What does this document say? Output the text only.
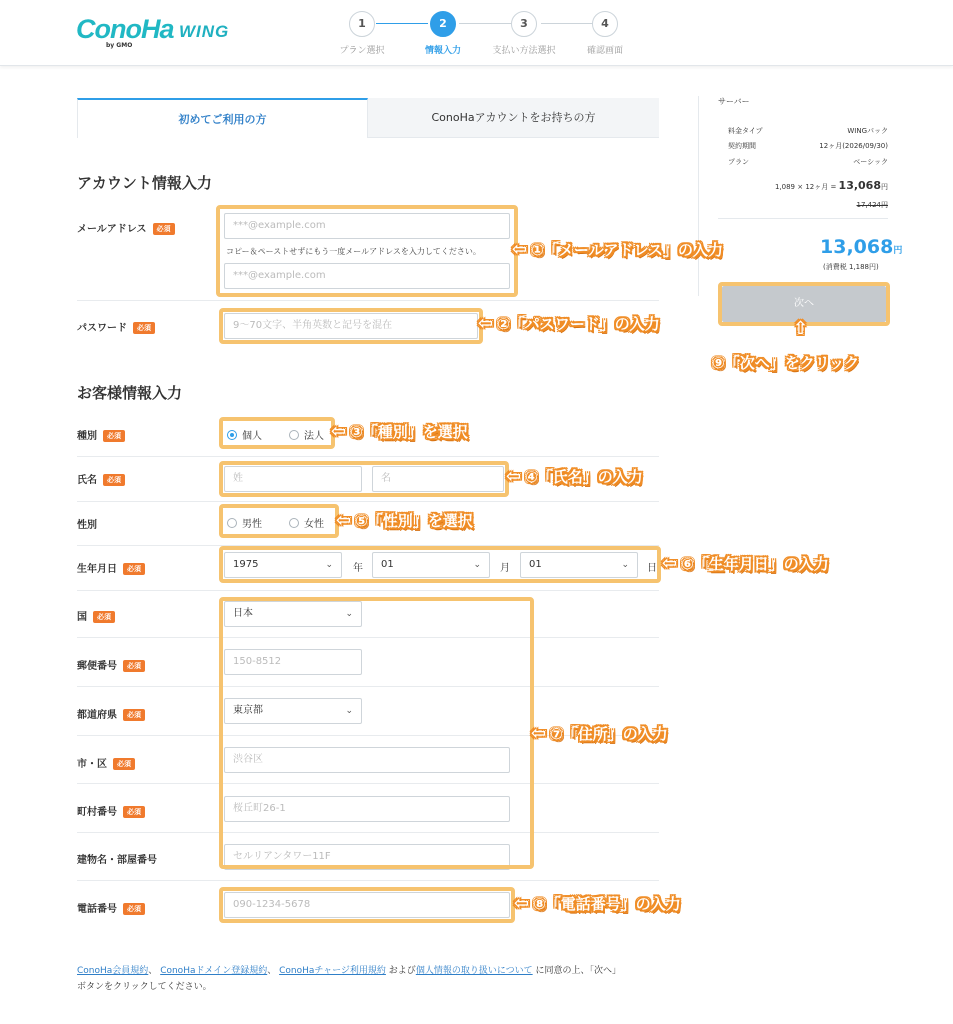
ConoHa
by GMO
WING	1
プラン選択
2
情報入力
3
支払い方法選択
4
確認画面
初めてご利用の方	ConoHaアカウントをお持ちの方
アカウント情報入力
メールアドレス 必須	***@example.com
コピー＆ペーストせずにもう一度メールアドレスを入力してください。
***@example.com
パスワード 必須	9～70文字、半角英数と記号を混在
お客様情報入力
種別 必須	個人	法人
氏名 必須	姓	名
性別	男性	女性
生年月日 必須	1975	⌄ 年	01	⌄ 月	01	⌄ 日
国 必須	日本	⌄
郵便番号 必須	150-8512
都道府県 必須	東京都	⌄
市・区 必須	渋谷区
町村番号 必須	桜丘町26-1
建物名・部屋番号	セルリアンタワー11F
電話番号 必須	090-1234-5678
サーバー
料金タイプ	WINGパック
契約期間	12ヶ月(2026/09/30)
プラン	ベーシック
1,089 × 12ヶ月 = 13,068円
17,424円
13,068円
(消費税 1,188円)
次へ
⇦ ①「メールアドレス」の入力
⇦ ②「パスワード」の入力
⇦ ③「種別」を選択
⇦ ④「氏名」の入力
⇦ ⑤「性別」を選択
⇦ ⑥「生年月日」の入力
⇦ ⑦「住所」の入力
⇦ ⑧「電話番号」の入力
⇧
⑨「次へ」をクリック
ConoHa会員規約、 ConoHaドメイン登録規約、 ConoHaチャージ利用規約 および個人情報の取り扱いについて に同意の上、「次へ」
ボタンをクリックしてください。
